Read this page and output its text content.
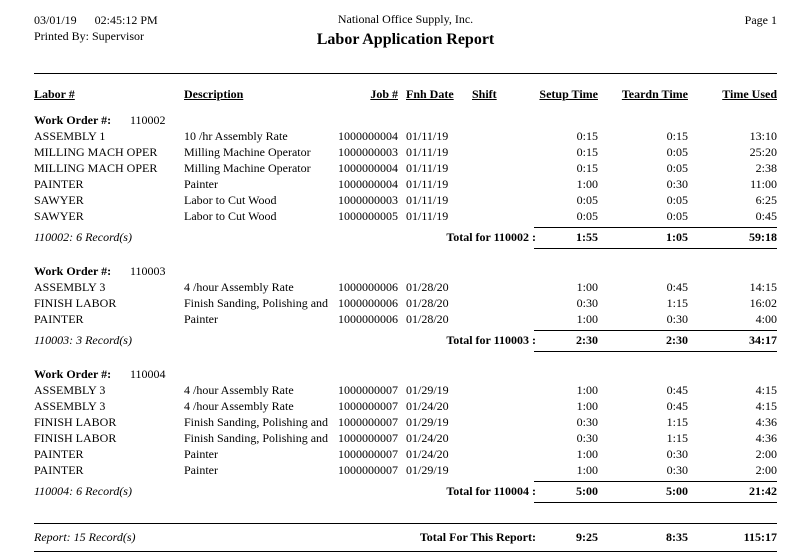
03/01/19 02:45:12 PM
Printed By: Supervisor
National Office Supply, Inc.
Labor Application Report
Page 1
Labor #	Description	Job # Fnh Date	Shift	Setup Time	Teardn Time	Time Used
Work Order #: 110002
ASSEMBLY 1	10 /hr Assembly Rate	1000000004 01/11/19	0:15	0:15	13:10
MILLING MACH OPER	Milling Machine Operator	1000000003 01/11/19	0:15	0:05	25:20
MILLING MACH OPER	Milling Machine Operator	1000000004 01/11/19	0:15	0:05	2:38
PAINTER	Painter	1000000004 01/11/19	1:00	0:30	11:00
SAWYER	Labor to Cut Wood	1000000003 01/11/19	0:05	0:05	6:25
SAWYER	Labor to Cut Wood	1000000005 01/11/19	0:05	0:05	0:45
110002: 6 Record(s)	Total for 110002 :	1:55	1:05	59:18
Work Order #: 110003
ASSEMBLY 3	4 /hour Assembly Rate	1000000006 01/28/20	1:00	0:45	14:15
FINISH LABOR	Finish Sanding, Polishing and 1000000006 01/28/20	0:30	1:15	16:02
PAINTER	Painter	1000000006 01/28/20	1:00	0:30	4:00
110003: 3 Record(s)	Total for 110003 :	2:30	2:30	34:17
Work Order #: 110004
ASSEMBLY 3	4 /hour Assembly Rate	1000000007 01/29/19	1:00	0:45	4:15
ASSEMBLY 3	4 /hour Assembly Rate	1000000007 01/24/20	1:00	0:45	4:15
FINISH LABOR	Finish Sanding, Polishing and 1000000007 01/29/19	0:30	1:15	4:36
FINISH LABOR	Finish Sanding, Polishing and 1000000007 01/24/20	0:30	1:15	4:36
PAINTER	Painter	1000000007 01/24/20	1:00	0:30	2:00
PAINTER	Painter	1000000007 01/29/19	1:00	0:30	2:00
110004: 6 Record(s)	Total for 110004 :	5:00	5:00	21:42
Report: 15 Record(s)	Total For This Report:	9:25	8:35	115:17
